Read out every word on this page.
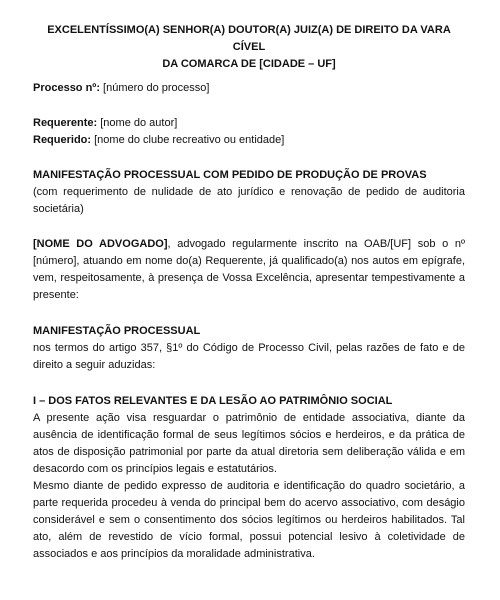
EXCELENTÍSSIMO(A) SENHOR(A) DOUTOR(A) JUIZ(A) DE DIREITO DA VARA CÍVEL
DA COMARCA DE [CIDADE – UF]
Processo nº: [número do processo]
Requerente: [nome do autor]
Requerido: [nome do clube recreativo ou entidade]
MANIFESTAÇÃO PROCESSUAL COM PEDIDO DE PRODUÇÃO DE PROVAS
(com requerimento de nulidade de ato jurídico e renovação de pedido de auditoria societária)
[NOME DO ADVOGADO], advogado regularmente inscrito na OAB/[UF] sob o nº [número], atuando em nome do(a) Requerente, já qualificado(a) nos autos em epígrafe, vem, respeitosamente, à presença de Vossa Excelência, apresentar tempestivamente a presente:
MANIFESTAÇÃO PROCESSUAL
nos termos do artigo 357, §1º do Código de Processo Civil, pelas razões de fato e de direito a seguir aduzidas:
I – DOS FATOS RELEVANTES E DA LESÃO AO PATRIMÔNIO SOCIAL

A presente ação visa resguardar o patrimônio de entidade associativa, diante da ausência de identificação formal de seus legítimos sócios e herdeiros, e da prática de atos de disposição patrimonial por parte da atual diretoria sem deliberação válida e em desacordo com os princípios legais e estatutários.

Mesmo diante de pedido expresso de auditoria e identificação do quadro societário, a parte requerida procedeu à venda do principal bem do acervo associativo, com deságio considerável e sem o consentimento dos sócios legítimos ou herdeiros habilitados. Tal ato, além de revestido de vício formal, possui potencial lesivo à coletividade de associados e aos princípios da moralidade administrativa.
